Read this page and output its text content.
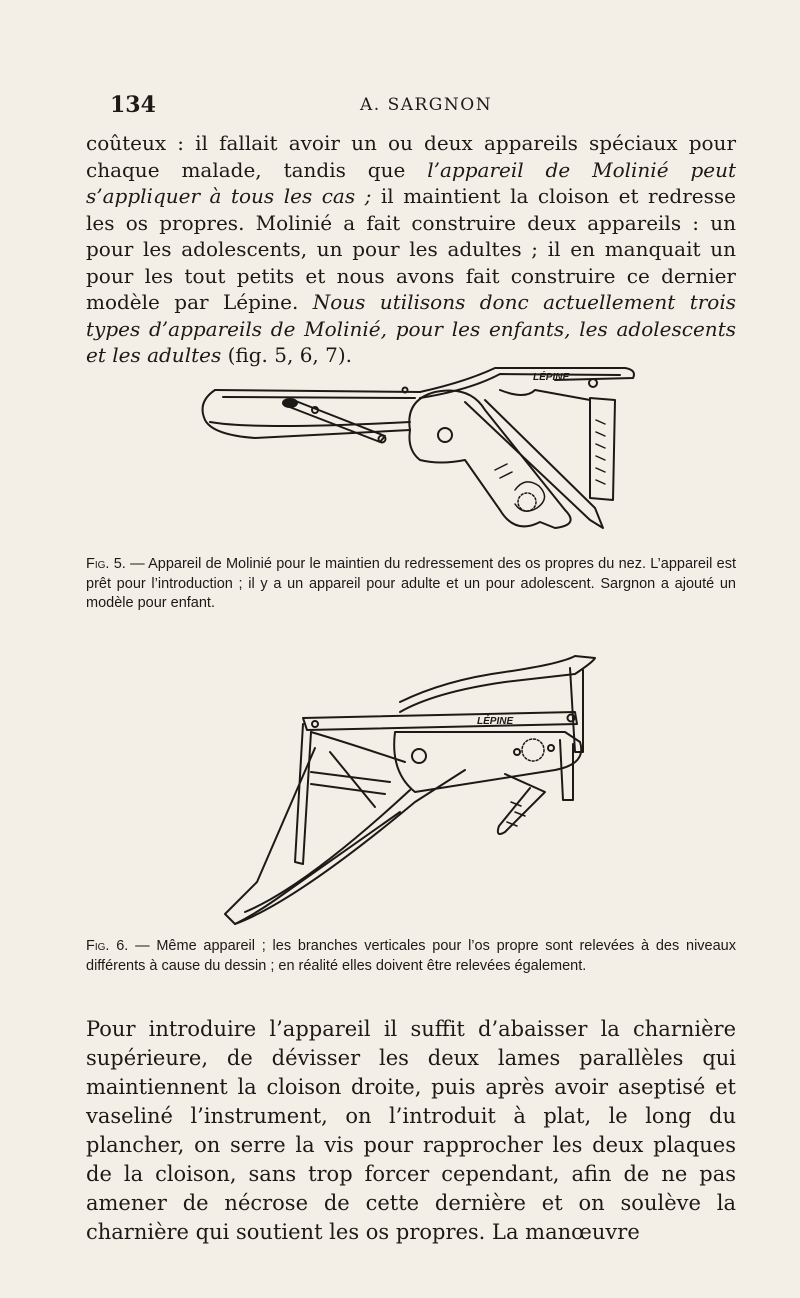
134	A. SARGNON
coûteux : il fallait avoir un ou deux appareils spéciaux pour chaque malade, tandis que l’appareil de Molinié peut s’appliquer à tous les cas ; il maintient la cloison et redresse les os propres. Molinié a fait construire deux appareils : un pour les adolescents, un pour les adultes ; il en manquait un pour les tout petits et nous avons fait construire ce dernier modèle par Lépine. Nous utilisons donc actuellement trois types d’appareils de Molinié, pour les enfants, les adolescents et les adultes (fig. 5, 6, 7).
LÉPINE
Fig. 5. — Appareil de Molinié pour le maintien du redressement des os propres du nez. L’appareil est prêt pour l’introduction ; il y a un appareil pour adulte et un pour adolescent. Sargnon a ajouté un modèle pour enfant.
LÉPINE
Fig. 6. — Même appareil ; les branches verticales pour l’os propre sont relevées à des niveaux différents à cause du dessin ; en réalité elles doivent être relevées également.
Pour introduire l’appareil il suffit d’abaisser la charnière supérieure, de dévisser les deux lames parallèles qui maintiennent la cloison droite, puis après avoir aseptisé et vaseliné l’instrument, on l’introduit à plat, le long du plancher, on serre la vis pour rapprocher les deux plaques de la cloison, sans trop forcer cependant, afin de ne pas amener de nécrose de cette dernière et on soulève la charnière qui soutient les os propres. La manœuvre
